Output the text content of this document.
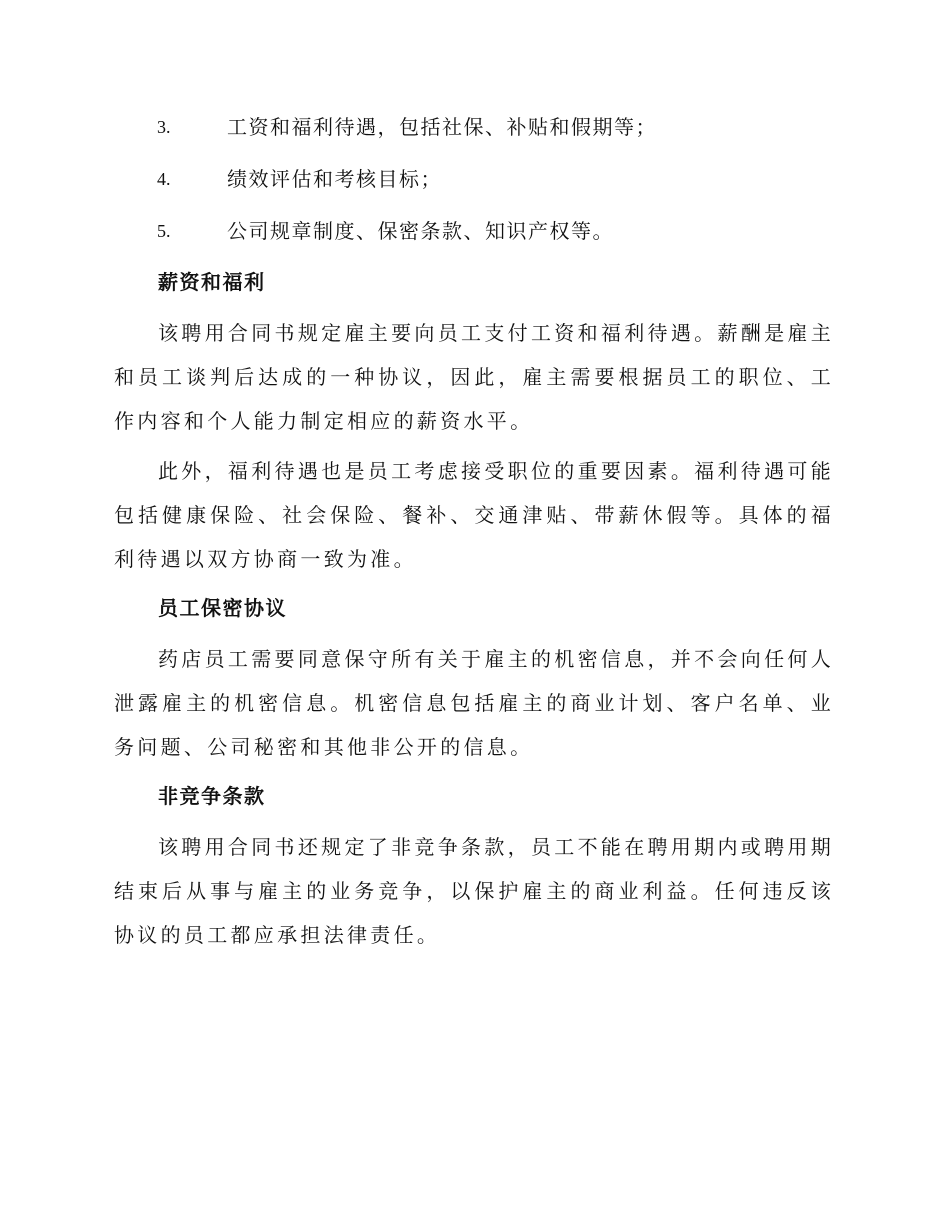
3.	工资和福利待遇，包括社保、补贴和假期等；
4.	绩效评估和考核目标；
5.	公司规章制度、保密条款、知识产权等。
薪资和福利

该聘用合同书规定雇主要向员工支付工资和福利待遇。薪酬是雇主和员工谈判后达成的一种协议，因此，雇主需要根据员工的职位、工作内容和个人能力制定相应的薪资水平。

此外，福利待遇也是员工考虑接受职位的重要因素。福利待遇可能包括健康保险、社会保险、餐补、交通津贴、带薪休假等。具体的福利待遇以双方协商一致为准。

员工保密协议

药店员工需要同意保守所有关于雇主的机密信息，并不会向任何人泄露雇主的机密信息。机密信息包括雇主的商业计划、客户名单、业务问题、公司秘密和其他非公开的信息。

非竞争条款

该聘用合同书还规定了非竞争条款，员工不能在聘用期内或聘用期结束后从事与雇主的业务竞争，以保护雇主的商业利益。任何违反该协议的员工都应承担法律责任。
